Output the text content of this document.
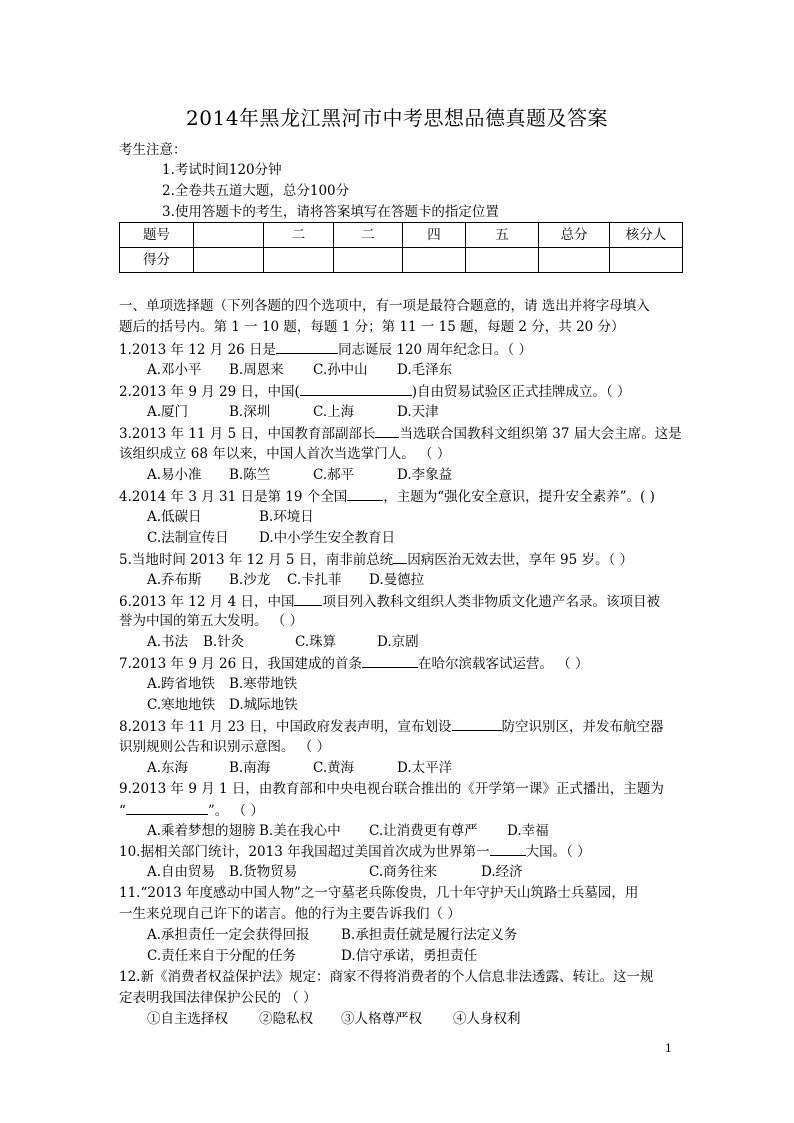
2014年黑龙江黑河市中考思想品德真题及答案
考生注意：
1.考试时间120分钟
2.全卷共五道大题，总分100分
3.使用答题卡的考生，请将答案填写在答题卡的指定位置
题号		二	二	四	五	总分	核分人
得分							
一、单项选择题（下列各题的四个选项中，有一项是最符合题意的，请 选出并将字母填入
题后的括号内。第 1 一 10 题，每题 1 分；第 11 一 15 题，每题 2 分，共 20 分）
1.2013 年 12 月 26 日是	同志诞辰 120 周年纪念日。（ ）
A.邓小平 B.周恩来 C.孙中山 D.毛泽东
2.2013 年 9 月 29 日，中国(	)自由贸易试验区正式挂牌成立。（ ）
A.厦门	B.深圳	C.上海	D.天津
3.2013 年 11 月 5 日，中国教育部副部长 当选联合国教科文组织第 37 届大会主席。这是
该组织成立 68 年以来，中国人首次当选掌门人。 （ ）
A.易小准 B.陈竺	C.郝平	D.李象益
4.2014 年 3 月 31 日是第 19 个全国	，主题为“强化安全意识，提升安全素养”。( )
A.低碳日	B.环境日
C.法制宣传日 D.中小学生安全教育日
5.当地时间 2013 年 12 月 5 日，南非前总统 因病医治无效去世，享年 95 岁。（ ）
A.乔布斯 B.沙龙 C.卡扎菲 D.曼德拉
6.2013 年 12 月 4 日，中国 项目列入教科文组织人类非物质文化遗产名录。该项目被
誉为中国的第五大发明。 （ ）
A.书法 B.针灸	C.珠算	D.京剧
7.2013 年 9 月 26 日，我国建成的首条	在哈尔滨载客试运营。 （ ）
A.跨省地铁 B.寒带地铁
C.寒地地铁 D.城际地铁
8.2013 年 11 月 23 日，中国政府发表声明，宣布划设	防空识别区，并发布航空器
识别规则公告和识别示意图。 （ ）
A.东海	B.南海	C.黄海	D.太平洋
9.2013 年 9 月 1 日，由教育部和中央电视台联合推出的《开学第一课》正式播出，主题为
“	”。 （ ）
A.乘着梦想的翅膀 B.美在我心中 C.让消费更有尊严 D.幸福
10.据相关部门统计，2013 年我国超过美国首次成为世界第一	大国。（ ）
A.自由贸易 B.货物贸易	C.商务往来	D.经济
11.“2013 年度感动中国人物”之一守墓老兵陈俊贵，几十年守护天山筑路士兵墓园，用
一生来兑现自己许下的诺言。他的行为主要告诉我们（ ）
A.承担责任一定会获得回报 B.承担责任就是履行法定义务
C.责任来自于分配的任务	D.信守承诺，勇担责任
12.新《消费者权益保护法》规定：商家不得将消费者的个人信息非法透露、转让。这一规
定表明我国法律保护公民的 （ ）
①自主选择权 ②隐私权 ③人格尊严权 ④人身权利
1
